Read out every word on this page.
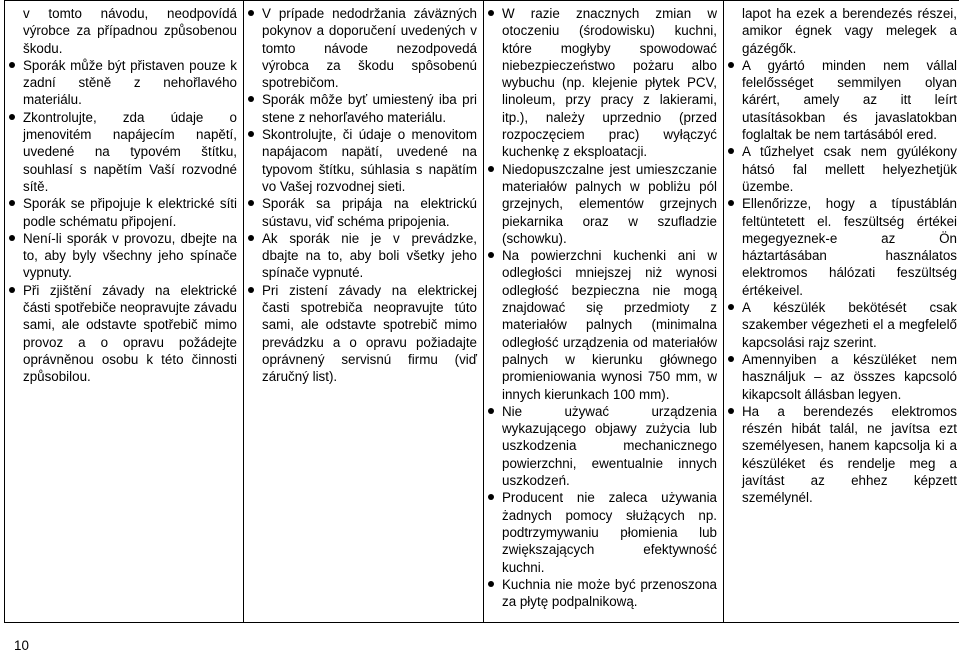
v tomto návodu, neodpovídá výrobce za případnou způsobenou škodu.
Sporák může být přistaven pouze k zadní stěně z nehořlavého materiálu.
Zkontrolujte, zda údaje o jmenovitém napájecím napětí, uvedené na typovém štítku, souhlasí s napětím Vaší rozvodné sítě.
Sporák se připojuje k elektrické síti podle schématu připojení.
Není-li sporák v provozu, dbejte na to, aby byly všechny jeho spínače vypnuty.
Při zjištění závady na elektrické části spotřebiče neopravujte závadu sami, ale odstavte spotřebič mimo provoz a o opravu požádejte oprávněnou osobu k této činnosti způsobilou.

V prípade nedodržania záväzných pokynov a doporučení uvedených v tomto návode nezodpovedá výrobca za škodu spôsobenú spotrebičom.
Sporák môže byť umiestený iba pri stene z nehorľavého materiálu.
Skontrolujte, či údaje o menovitom napájacom napätí, uvedené na typovom štítku, súhlasia s napätím vo Vašej rozvodnej sieti.
Sporák sa pripája na elektrickú sústavu, viď schéma pripojenia.
Ak sporák nie je v prevádzke, dbajte na to, aby boli všetky jeho spínače vypnuté.
Pri zistení závady na elektrickej časti spotrebiča neopravujte túto sami, ale odstavte spotrebič mimo prevádzku a o opravu požiadajte oprávnený servisnú firmu (viď záručný list).

W razie znacznych zmian w otoczeniu (środowisku) kuchni, które mogłyby spowodować niebezpieczeństwo pożaru albo wybuchu (np. klejenie płytek PCV, linoleum, przy pracy z lakierami, itp.), należy uprzednio (przed rozpoczęciem prac) wyłączyć kuchenkę z eksploatacji.
Niedopuszczalne jest umieszczanie materiałów palnych w pobliżu pól grzejnych, elementów grzejnych piekarnika oraz w szufladzie (schowku).
Na powierzchni kuchenki ani w odległości mniejszej niż wynosi odległość bezpieczna nie mogą znajdować się przedmioty z materiałów palnych (minimalna odległość urządzenia od materiałów palnych w kierunku głównego promieniowania wynosi 750 mm, w innych kierunkach 100 mm).
Nie używać urządzenia wykazującego objawy zużycia lub uszkodzenia mechanicznego powierzchni, ewentualnie innych uszkodzeń.
Producent nie zaleca używania żadnych pomocy służących np. podtrzymywaniu płomienia lub zwiększających efektywność kuchni.
Kuchnia nie może być przenoszona za płytę podpalnikową.

lapot ha ezek a berendezés részei, amikor égnek vagy melegek a gázégők.
A gyártó minden nem vállal felelősséget semmilyen olyan kárért, amely az itt leírt utasításokban és javaslatokban foglaltak be nem tartásából ered.
A tűzhelyet csak nem gyúlékony hátsó fal mellett helyezhetjük üzembe.
Ellenőrizze, hogy a típustáblán feltüntetett el. feszültség értékei megegyeznek-e az Ön háztartásában használatos elektromos hálózati feszültség értékeivel.
A készülék bekötését csak szakember végezheti el a megfelelő kapcsolási rajz szerint.
Amennyiben a készüléket nem használjuk – az összes kapcsoló kikapcsolt állásban legyen.
Ha a berendezés elektromos részén hibát talál, ne javítsa ezt személyesen, hanem kapcsolja ki a készüléket és rendelje meg a javítást az ehhez képzett személynél.
10
